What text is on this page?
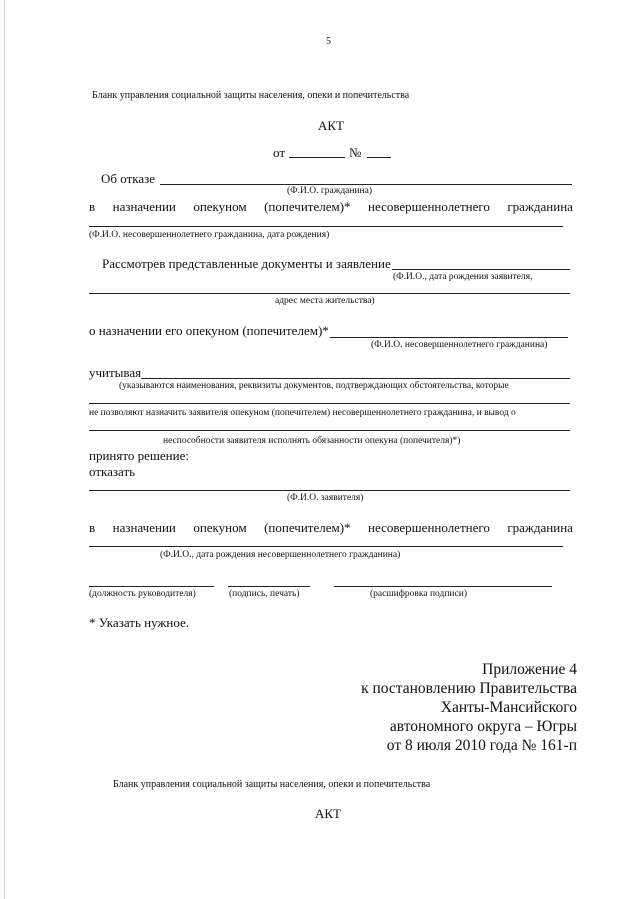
5
Бланк управления социальной защиты населения, опеки и попечительства
АКТ
от	№
Об отказе
(Ф.И.О. гражданина)
в назначении опекуном (попечителем)* несовершеннолетнего гражданина
(Ф.И.О. несовершеннолетнего гражданина, дата рождения)
Рассмотрев представленные документы и заявление
(Ф.И.О., дата рождения заявителя,
адрес места жительства)
о назначении его опекуном (попечителем)*
(Ф.И.О. несовершеннолетнего гражданина)
учитывая
(указываются наименования, реквизиты документов, подтверждающих обстоятельства, которые
не позволяют назначить заявителя опекуном (попечителем) несовершеннолетнего гражданина, и вывод о
неспособности заявителя исполнять обязанности опекуна (попечителя)*)
принято решение:
отказать
(Ф.И.О. заявителя)
в назначении опекуном (попечителем)* несовершеннолетнего гражданина
(Ф.И.О., дата рождения несовершеннолетнего гражданина)
(должность руководителя)	(подпись, печать)	(расшифровка подписи)
* Указать нужное.
Приложение 4
к постановлению Правительства
Ханты-Мансийского
автономного округа – Югры
от 8 июля 2010 года № 161-п
Бланк управления социальной защиты населения, опеки и попечительства
АКТ
